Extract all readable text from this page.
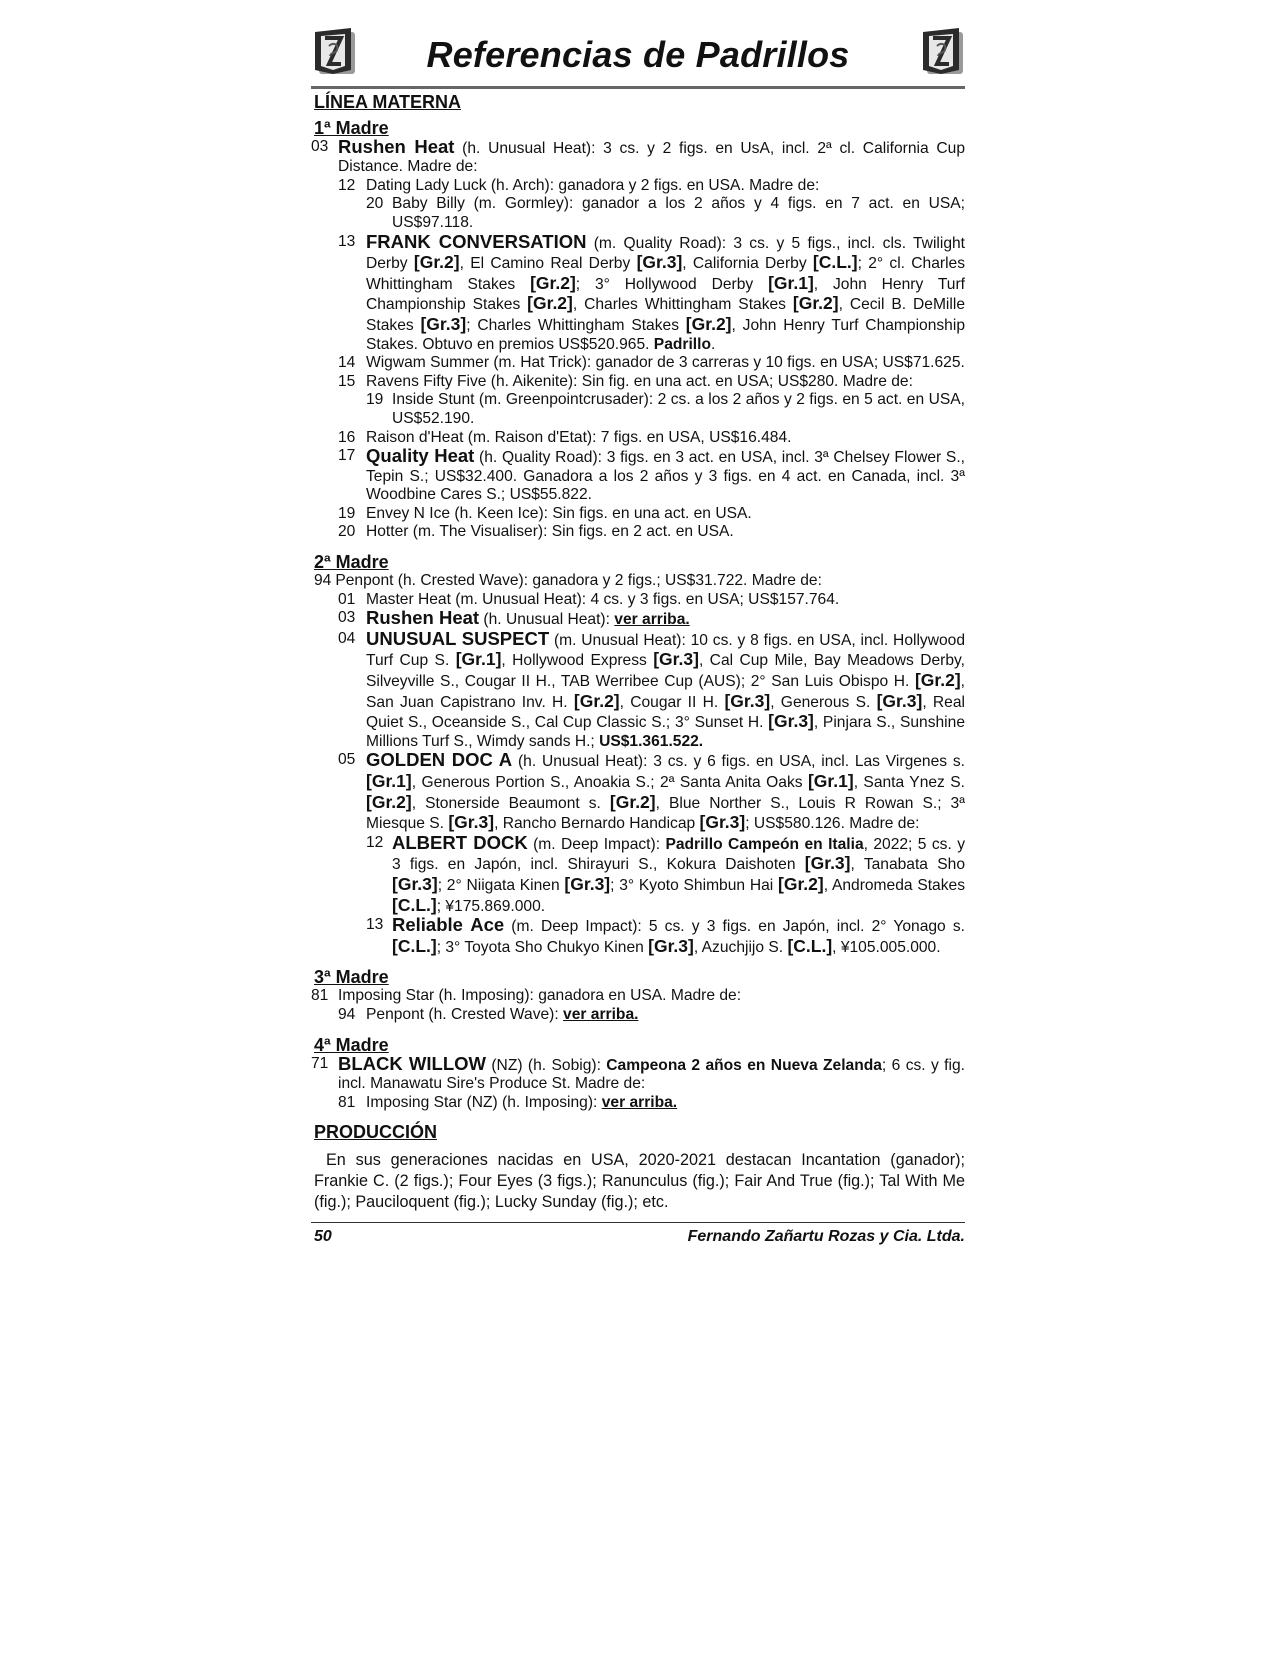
Referencias de Padrillos
LÍNEA MATERNA
1ª Madre
03 Rushen Heat (h. Unusual Heat): 3 cs. y 2 figs. en UsA, incl. 2ª cl. California Cup Distance. Madre de:
12 Dating Lady Luck (h. Arch): ganadora y 2 figs. en USA. Madre de:
20 Baby Billy (m. Gormley): ganador a los 2 años y 4 figs. en 7 act. en USA; US$97.118.
13 FRANK CONVERSATION (m. Quality Road): 3 cs. y 5 figs., incl. cls. Twilight Derby [Gr.2], El Camino Real Derby [Gr.3], California Derby [C.L.]; 2° cl. Charles Whittingham Stakes [Gr.2]; 3° Hollywood Derby [Gr.1], John Henry Turf Championship Stakes [Gr.2], Charles Whittingham Stakes [Gr.2], Cecil B. DeMille Stakes [Gr.3]; Charles Whittingham Stakes [Gr.2], John Henry Turf Championship Stakes. Obtuvo en premios US$520.965. Padrillo.
14 Wigwam Summer (m. Hat Trick): ganador de 3 carreras y 10 figs. en USA; US$71.625.
15 Ravens Fifty Five (h. Aikenite): Sin fig. en una act. en USA; US$280. Madre de:
19 Inside Stunt (m. Greenpointcrusader): 2 cs. a los 2 años y 2 figs. en 5 act. en USA, US$52.190.
16 Raison d'Heat (m. Raison d'Etat): 7 figs. en USA, US$16.484.
17 Quality Heat (h. Quality Road): 3 figs. en 3 act. en USA, incl. 3ª Chelsey Flower S., Tepin S.; US$32.400. Ganadora a los 2 años y 3 figs. en 4 act. en Canada, incl. 3ª Woodbine Cares S.; US$55.822.
19 Envey N Ice (h. Keen Ice): Sin figs. en una act. en USA.
20 Hotter (m. The Visualiser): Sin figs. en 2 act. en USA.
2ª Madre
94 Penpont (h. Crested Wave): ganadora y 2 figs.; US$31.722. Madre de:
01 Master Heat (m. Unusual Heat): 4 cs. y 3 figs. en USA; US$157.764.
03 Rushen Heat (h. Unusual Heat): ver arriba.
04 UNUSUAL SUSPECT (m. Unusual Heat): 10 cs. y 8 figs. en USA, incl. Hollywood Turf Cup S. [Gr.1], Hollywood Express [Gr.3], Cal Cup Mile, Bay Meadows Derby, Silveyville S., Cougar II H., TAB Werribee Cup (AUS); 2° San Luis Obispo H. [Gr.2], San Juan Capistrano Inv. H. [Gr.2], Cougar II H. [Gr.3], Generous S. [Gr.3], Real Quiet S., Oceanside S., Cal Cup Classic S.; 3° Sunset H. [Gr.3], Pinjara S., Sunshine Millions Turf S., Wimdy sands H.; US$1.361.522.
05 GOLDEN DOC A (h. Unusual Heat): 3 cs. y 6 figs. en USA, incl. Las Virgenes s. [Gr.1], Generous Portion S., Anoakia S.; 2ª Santa Anita Oaks [Gr.1], Santa Ynez S. [Gr.2], Stonerside Beaumont s. [Gr.2], Blue Norther S., Louis R Rowan S.; 3ª Miesque S. [Gr.3], Rancho Bernardo Handicap [Gr.3]; US$580.126. Madre de:
12 ALBERT DOCK (m. Deep Impact): Padrillo Campeón en Italia, 2022; 5 cs. y 3 figs. en Japón, incl. Shirayuri S., Kokura Daishoten [Gr.3], Tanabata Sho [Gr.3]; 2° Niigata Kinen [Gr.3]; 3° Kyoto Shimbun Hai [Gr.2], Andromeda Stakes [C.L.]; ¥175.869.000.
13 Reliable Ace (m. Deep Impact): 5 cs. y 3 figs. en Japón, incl. 2° Yonago s. [C.L.]; 3° Toyota Sho Chukyo Kinen [Gr.3], Azuchjijo S. [C.L.], ¥105.005.000.
3ª Madre
81 Imposing Star (h. Imposing): ganadora en USA. Madre de:
94 Penpont (h. Crested Wave): ver arriba.
4ª Madre
71 BLACK WILLOW (NZ) (h. Sobig): Campeona 2 años en Nueva Zelanda; 6 cs. y fig. incl. Manawatu Sire's Produce St. Madre de:
81 Imposing Star (NZ) (h. Imposing): ver arriba.
PRODUCCIÓN
En sus generaciones nacidas en USA, 2020-2021 destacan Incantation (ganador); Frankie C. (2 figs.); Four Eyes (3 figs.); Ranunculus (fig.); Fair And True (fig.); Tal With Me (fig.); Pauciloquent (fig.); Lucky Sunday (fig.); etc.
50	Fernando Zañartu Rozas y Cia. Ltda.
